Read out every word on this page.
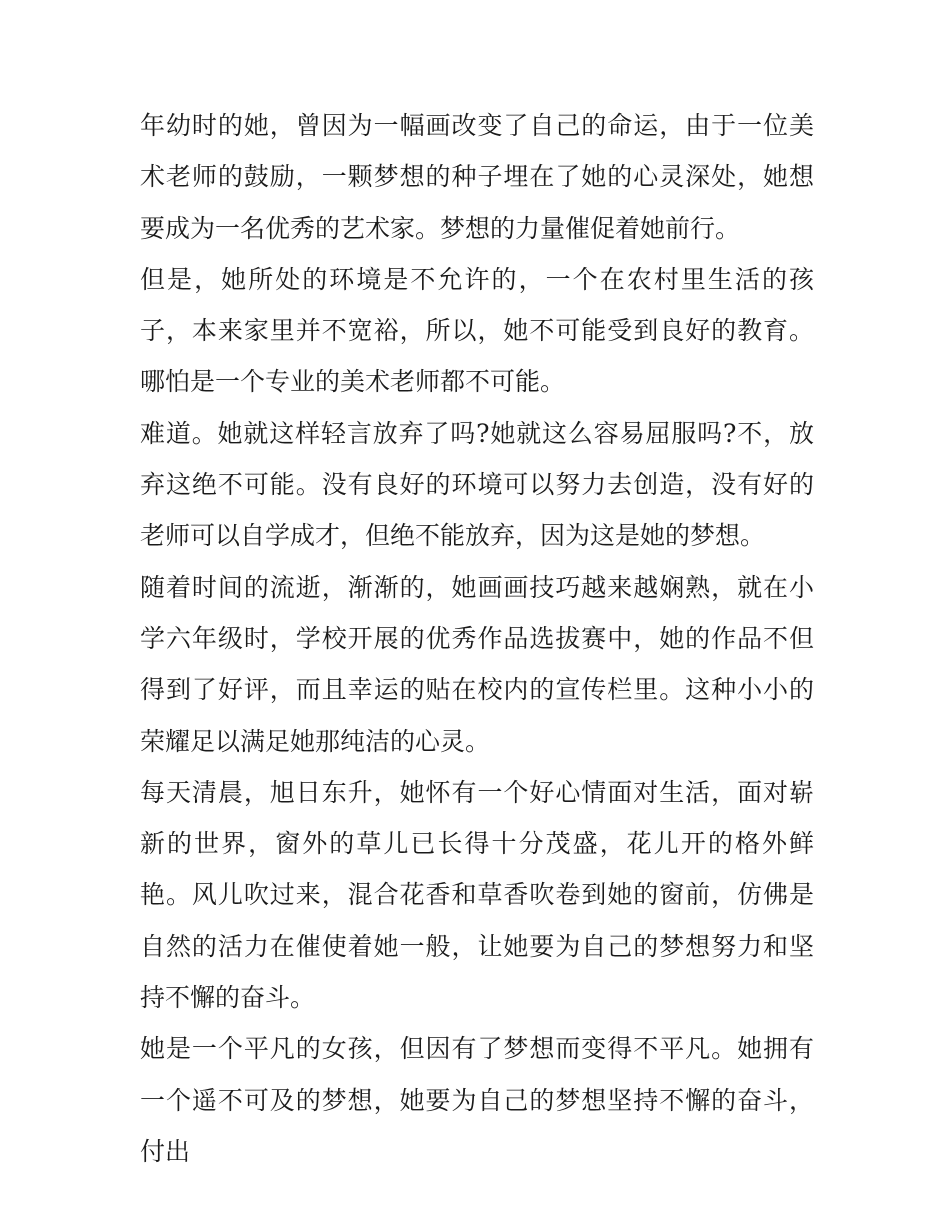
年幼时的她，曾因为一幅画改变了自己的命运，由于一位美术老师的鼓励，一颗梦想的种子埋在了她的心灵深处，她想要成为一名优秀的艺术家。梦想的力量催促着她前行。

但是，她所处的环境是不允许的，一个在农村里生活的孩子，本来家里并不宽裕，所以，她不可能受到良好的教育。哪怕是一个专业的美术老师都不可能。

难道。她就这样轻言放弃了吗?她就这么容易屈服吗?不，放弃这绝不可能。没有良好的环境可以努力去创造，没有好的老师可以自学成才，但绝不能放弃，因为这是她的梦想。

随着时间的流逝，渐渐的，她画画技巧越来越娴熟，就在小学六年级时，学校开展的优秀作品选拔赛中，她的作品不但得到了好评，而且幸运的贴在校内的宣传栏里。这种小小的荣耀足以满足她那纯洁的心灵。

每天清晨，旭日东升，她怀有一个好心情面对生活，面对崭新的世界，窗外的草儿已长得十分茂盛，花儿开的格外鲜艳。风儿吹过来，混合花香和草香吹卷到她的窗前，仿佛是自然的活力在催使着她一般，让她要为自己的梦想努力和坚持不懈的奋斗。

她是一个平凡的女孩，但因有了梦想而变得不平凡。她拥有一个遥不可及的梦想，她要为自己的梦想坚持不懈的奋斗，付出
